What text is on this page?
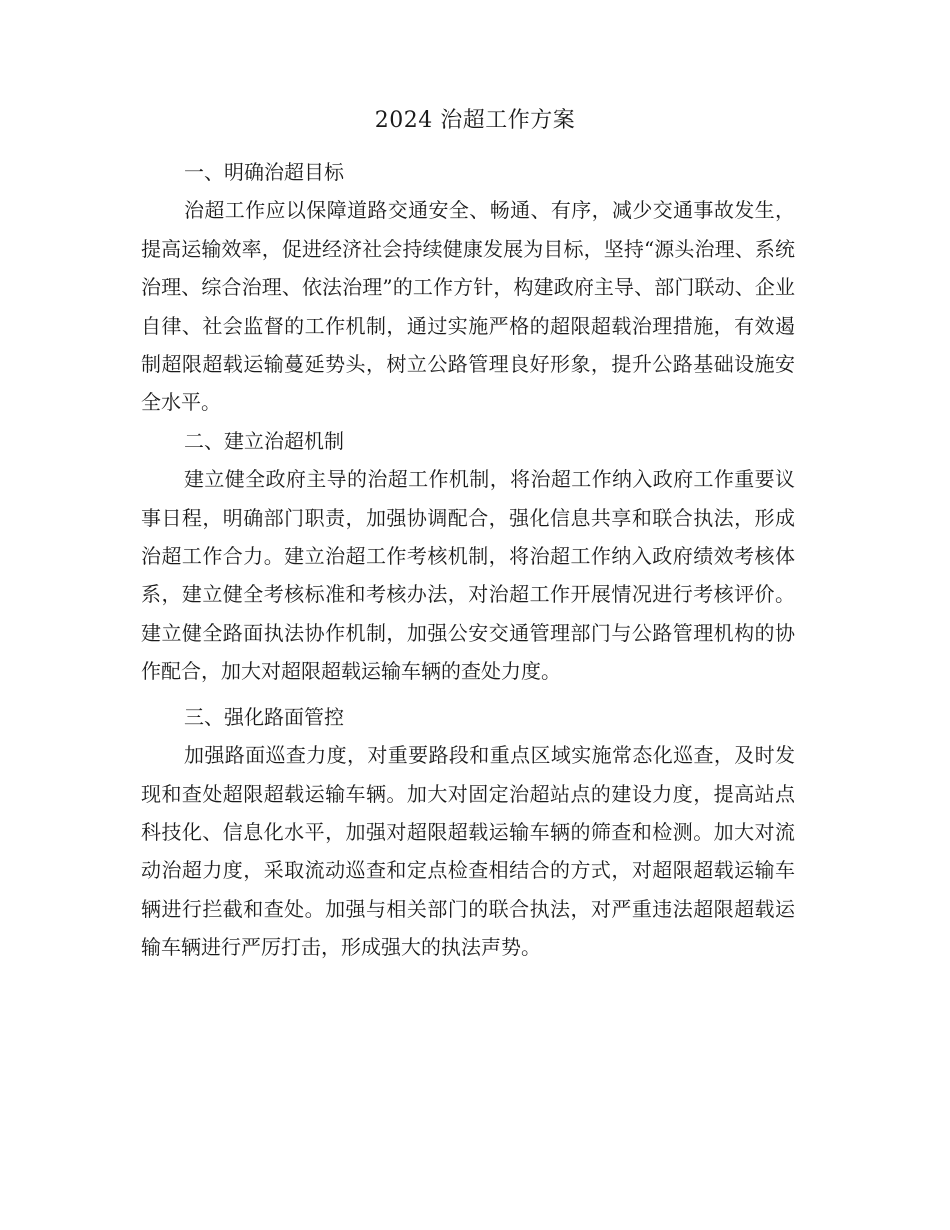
2024 治超工作方案

一、明确治超目标

治超工作应以保障道路交通安全、畅通、有序，减少交通事故发生，提高运输效率，促进经济社会持续健康发展为目标，坚持“源头治理、系统治理、综合治理、依法治理”的工作方针，构建政府主导、部门联动、企业自律、社会监督的工作机制，通过实施严格的超限超载治理措施，有效遏制超限超载运输蔓延势头，树立公路管理良好形象，提升公路基础设施安全水平。

二、建立治超机制

建立健全政府主导的治超工作机制，将治超工作纳入政府工作重要议事日程，明确部门职责，加强协调配合，强化信息共享和联合执法，形成治超工作合力。建立治超工作考核机制，将治超工作纳入政府绩效考核体系，建立健全考核标准和考核办法，对治超工作开展情况进行考核评价。建立健全路面执法协作机制，加强公安交通管理部门与公路管理机构的协作配合，加大对超限超载运输车辆的查处力度。

三、强化路面管控

加强路面巡查力度，对重要路段和重点区域实施常态化巡查，及时发现和查处超限超载运输车辆。加大对固定治超站点的建设力度，提高站点科技化、信息化水平，加强对超限超载运输车辆的筛查和检测。加大对流动治超力度，采取流动巡查和定点检查相结合的方式，对超限超载运输车辆进行拦截和查处。加强与相关部门的联合执法，对严重违法超限超载运输车辆进行严厉打击，形成强大的执法声势。
